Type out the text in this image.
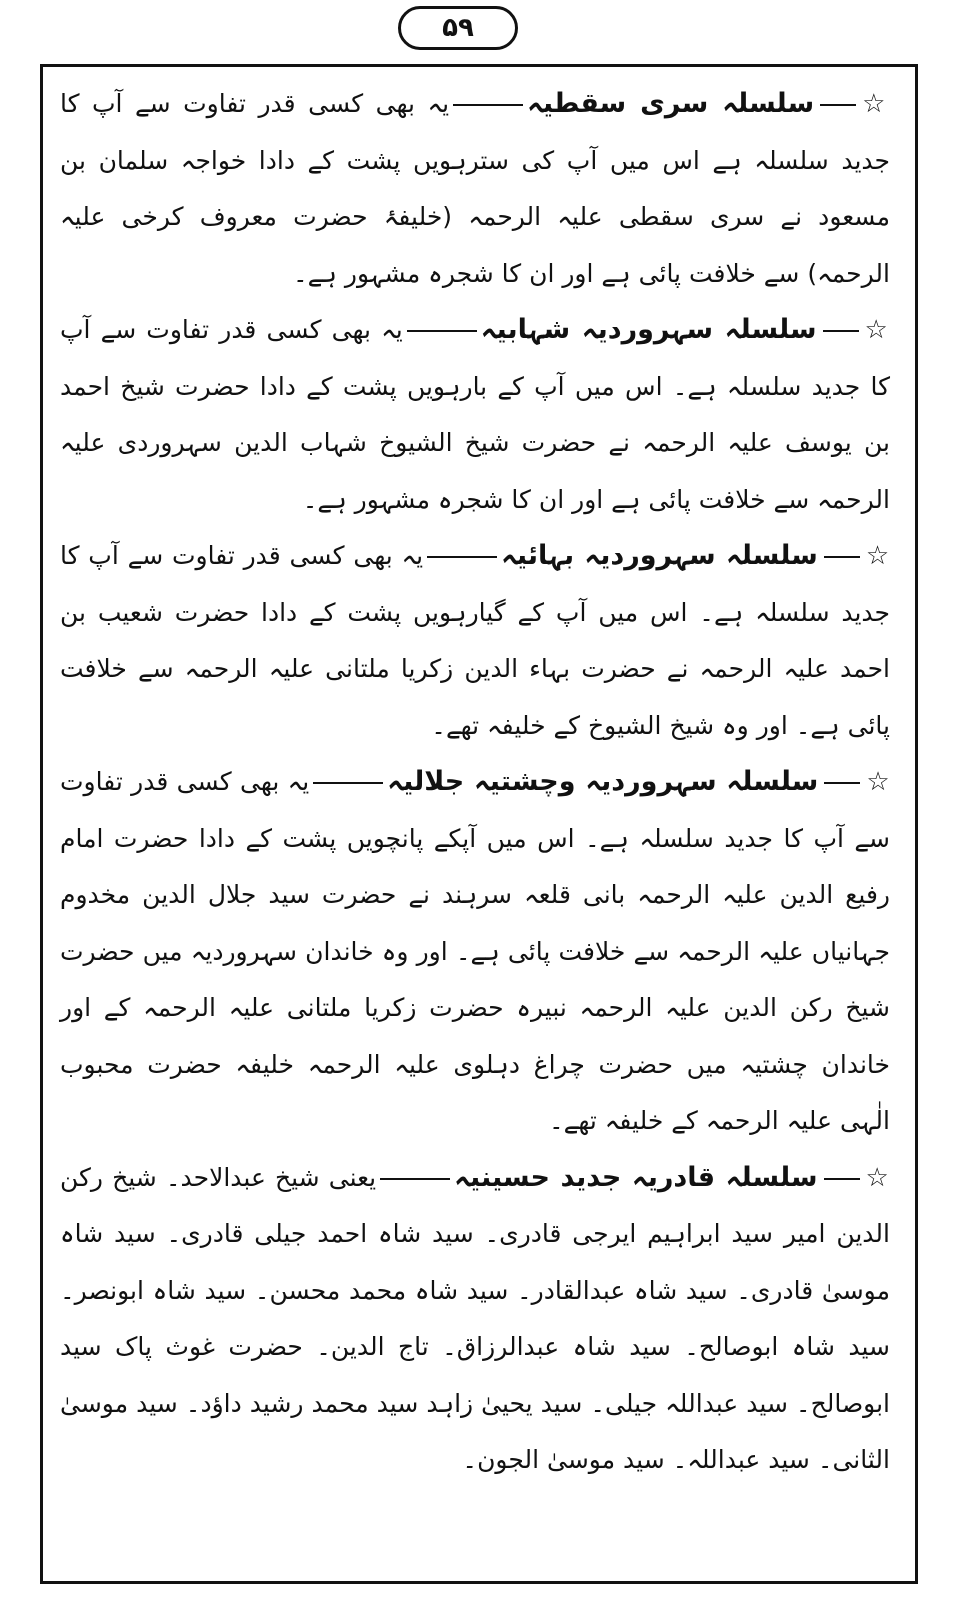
۵۹

☆سلسلہ سری سقطیہیہ بھی کسی قدر تفاوت سے آپ کا جدید سلسلہ ہے اس میں آپ کی سترہویں پشت کے دادا خواجہ سلمان بن مسعود نے سری سقطی علیہ الرحمہ (خلیفۂ حضرت معروف کرخی علیہ الرحمہ) سے خلافت پائی ہے اور ان کا شجرہ مشہور ہے۔

☆سلسلہ سہروردیہ شہابیہیہ بھی کسی قدر تفاوت سے آپ کا جدید سلسلہ ہے۔ اس میں آپ کے بارہویں پشت کے دادا حضرت شیخ احمد بن یوسف علیہ الرحمہ نے حضرت شیخ الشیوخ شہاب الدین سہروردی علیہ الرحمہ سے خلافت پائی ہے اور ان کا شجرہ مشہور ہے۔

☆سلسلہ سہروردیہ بہائیہیہ بھی کسی قدر تفاوت سے آپ کا جدید سلسلہ ہے۔ اس میں آپ کے گیارہویں پشت کے دادا حضرت شعیب بن احمد علیہ الرحمہ نے حضرت بہاء الدین زکریا ملتانی علیہ الرحمہ سے خلافت پائی ہے۔ اور وہ شیخ الشیوخ کے خلیفہ تھے۔

☆سلسلہ سہروردیہ وچشتیہ جلالیہیہ بھی کسی قدر تفاوت سے آپ کا جدید سلسلہ ہے۔ اس میں آپکے پانچویں پشت کے دادا حضرت امام رفیع الدین علیہ الرحمہ بانی قلعہ سرہند نے حضرت سید جلال الدین مخدوم جہانیاں علیہ الرحمہ سے خلافت پائی ہے۔ اور وہ خاندان سہروردیہ میں حضرت شیخ رکن الدین علیہ الرحمہ نبیرہ حضرت زکریا ملتانی علیہ الرحمہ کے اور خاندان چشتیہ میں حضرت چراغ دہلوی علیہ الرحمہ خلیفہ حضرت محبوب الٰہی علیہ الرحمہ کے خلیفہ تھے۔

☆سلسلہ قادریہ جدید حسینیہیعنی شیخ عبدالاحد۔ شیخ رکن الدین امیر سید ابراہیم ایرجی قادری۔ سید شاہ احمد جیلی قادری۔ سید شاہ موسیٰ قادری۔ سید شاہ عبدالقادر۔ سید شاہ محمد محسن۔ سید شاہ ابونصر۔ سید شاہ ابوصالح۔ سید شاہ عبدالرزاق۔ تاج الدین۔ حضرت غوث پاک سید ابوصالح۔ سید عبداللہ جیلی۔ سید یحییٰ زاہد سید محمد رشید داؤد۔ سید موسیٰ الثانی۔ سید عبداللہ۔ سید موسیٰ الجون۔
